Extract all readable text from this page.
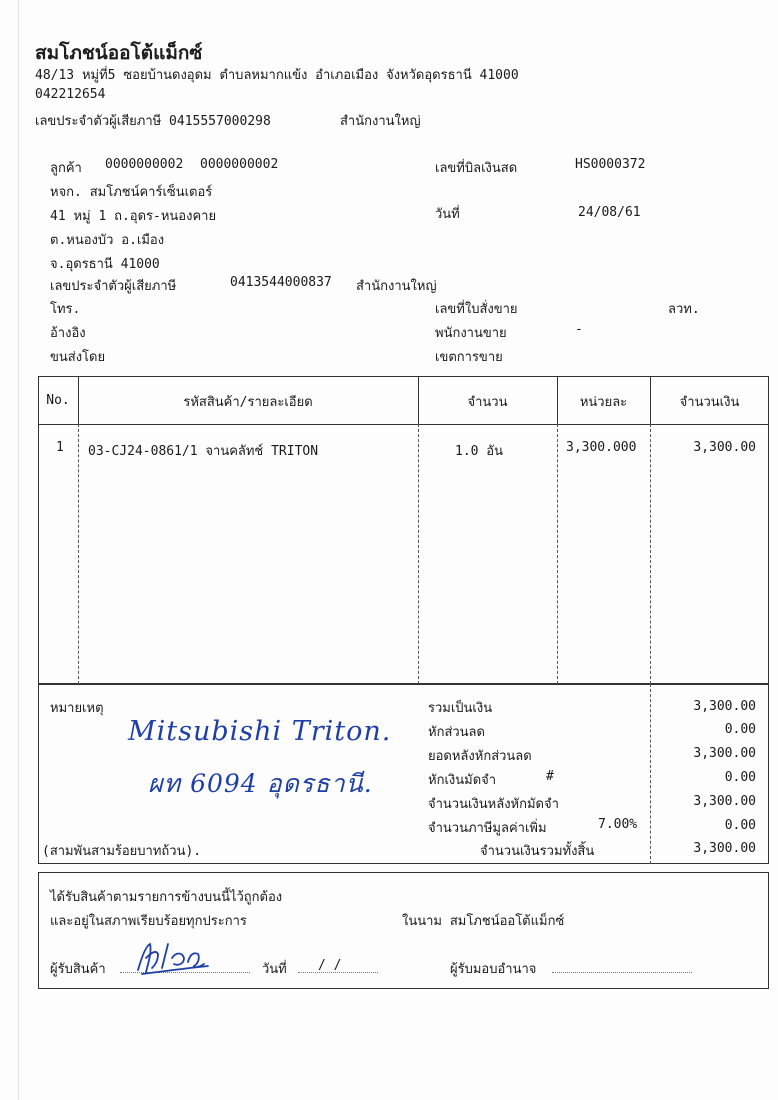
สมโภชน์ออโต้แม็กซ์
48/13 หมู่ที่5 ซอยบ้านดงอุดม ตำบลหมากแข้ง อำเภอเมือง จังหวัดอุดรธานี 41000
042212654
เลขประจำตัวผู้เสียภาษี 0415557000298	สำนักงานใหญ่
ลูกค้า 0000000002 0000000002
หจก. สมโภชน์คาร์เซ็นเตอร์
41 หมู่ 1 ถ.อุดร-หนองคาย
ต.หนองบัว อ.เมือง
จ.อุดรธานี 41000
เลขประจำตัวผู้เสียภาษี	0413544000837 สำนักงานใหญ่
โทร.
อ้างอิง
ขนส่งโดย
เลขที่บิลเงินสด	HS0000372
วันที่	24/08/61
เลขที่ใบสั่งขาย	ลวท.
พนักงานขาย	-
เขตการขาย
No.	รหัสสินค้า/รายละเอียด	จำนวน	หน่วยละ	จำนวนเงิน
1 03-CJ24-0861/1 จานคลัทช์ TRITON	1.0 อัน	3,300.000	3,300.00
หมายเหตุ
Mitsubishi Triton.
ผท 6094 อุดรธานี.
(สามพันสามร้อยบาทถ้วน).
รวมเป็นเงิน	3,300.00
หักส่วนลด	0.00
ยอดหลังหักส่วนลด	3,300.00
หักเงินมัดจำ	#	0.00
จำนวนเงินหลังหักมัดจำ	3,300.00
จำนวนภาษีมูลค่าเพิ่ม	7.00%	0.00
จำนวนเงินรวมทั้งสิ้น	3,300.00
ได้รับสินค้าตามรายการข้างบนนี้ไว้ถูกต้อง
และอยู่ในสภาพเรียบร้อยทุกประการ	ในนาม สมโภชน์ออโต้แม็กซ์
ผู้รับสินค้า	วันที่ / /	ผู้รับมอบอำนาจ
